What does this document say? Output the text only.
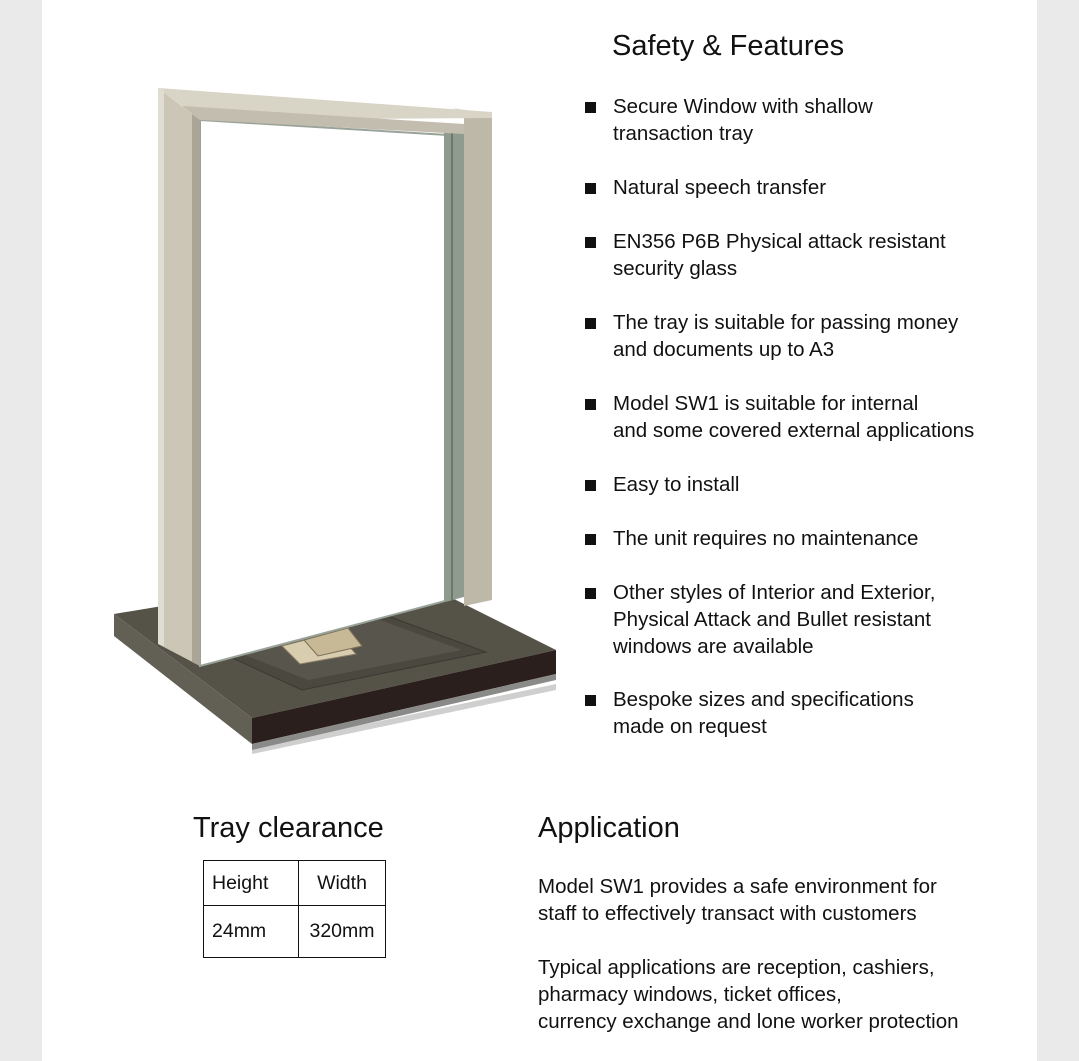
Safety & Features
Secure Window with shallow
transaction tray
Natural speech transfer
EN356 P6B Physical attack resistant
security glass
The tray is suitable for passing money
and documents up to A3
Model SW1 is suitable for internal
and some covered external applications
Easy to install
The unit requires no maintenance
Other styles of Interior and Exterior,
Physical Attack and Bullet resistant
windows are available
Bespoke sizes and specifications
made on request
Tray clearance
Height	Width
24mm	320mm
Application

Model SW1 provides a safe environment for
staff to effectively transact with customers

Typical applications are reception, cashiers,
pharmacy windows, ticket offices,
currency exchange and lone worker protection
